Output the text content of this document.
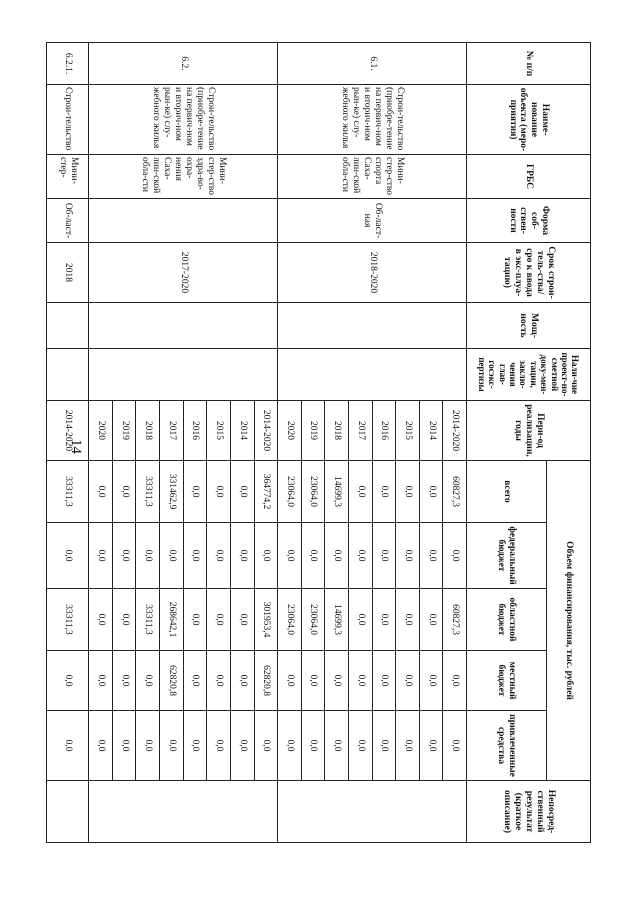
14
№ п/п	Наиме-нование объекта (меро-приятия)	ГРБС	Форма соб-ствен-ности	Срок строи-тель-ства/сро к ввода в экс-плуа-тацию)	Мощ-ность	Нали-чие проект-но-сметной доку-мен-тации, заклю-чения глав-госэкс-пертизы	Пери-од реализации, годы	Объем финансирования, тыс. рублей					Непосред-ственный результат (краткое описание)
								всего	федеральный бюджет	областной бюджет	местный бюджет	привлеченные средства	
6.1.	Строи-тельство (приобре-тение на первич-ном и вторич-ном рын-ке) слу-жебного жилья	Мини-стер-ство спорта Саха-лин-ской обла-сти	Об-ласт-ная	2018-2020			2014-2020	60827,3	0,0	60827,3	0,0	0,0	
							2014	0,0	0,0	0,0	0,0	0,0	
							2015	0,0	0,0	0,0	0,0	0,0	
							2016	0,0	0,0	0,0	0,0	0,0	
							2017	0,0	0,0	0,0	0,0	0,0	
							2018	14699,3	0,0	14699,3	0,0	0,0	
							2019	23064,0	0,0	23064,0	0,0	0,0	
							2020	23064,0	0,0	23064,0	0,0	0,0	
6.2.	Строи-тельство (приобре-тение на первич-ном и вторич-ном рын-ке) слу-жебного жилья	Мини-стер-ство здра-во-охра-нения Саха-лин-ской обла-сти		2017-2020			2014-2020	364774,2	0,0	301953,4	62820,8	0,0	
							2014	0,0	0,0	0,0	0,0	0,0	
							2015	0,0	0,0	0,0	0,0	0,0	
							2016	0,0	0,0	0,0	0,0	0,0	
							2017	331462,9	0,0	268642,1	62820,8	0,0	
							2018	33311,3	0,0	33311,3	0,0	0,0	
							2019	0,0	0,0	0,0	0,0	0,0	
							2020	0,0	0,0	0,0	0,0	0,0	
6.2.1.	Строи-тельство	Мини-стер-	Об-ласт-	2018			2014-2020	33311,3	0,0	33311,3	0,0	0,0	
